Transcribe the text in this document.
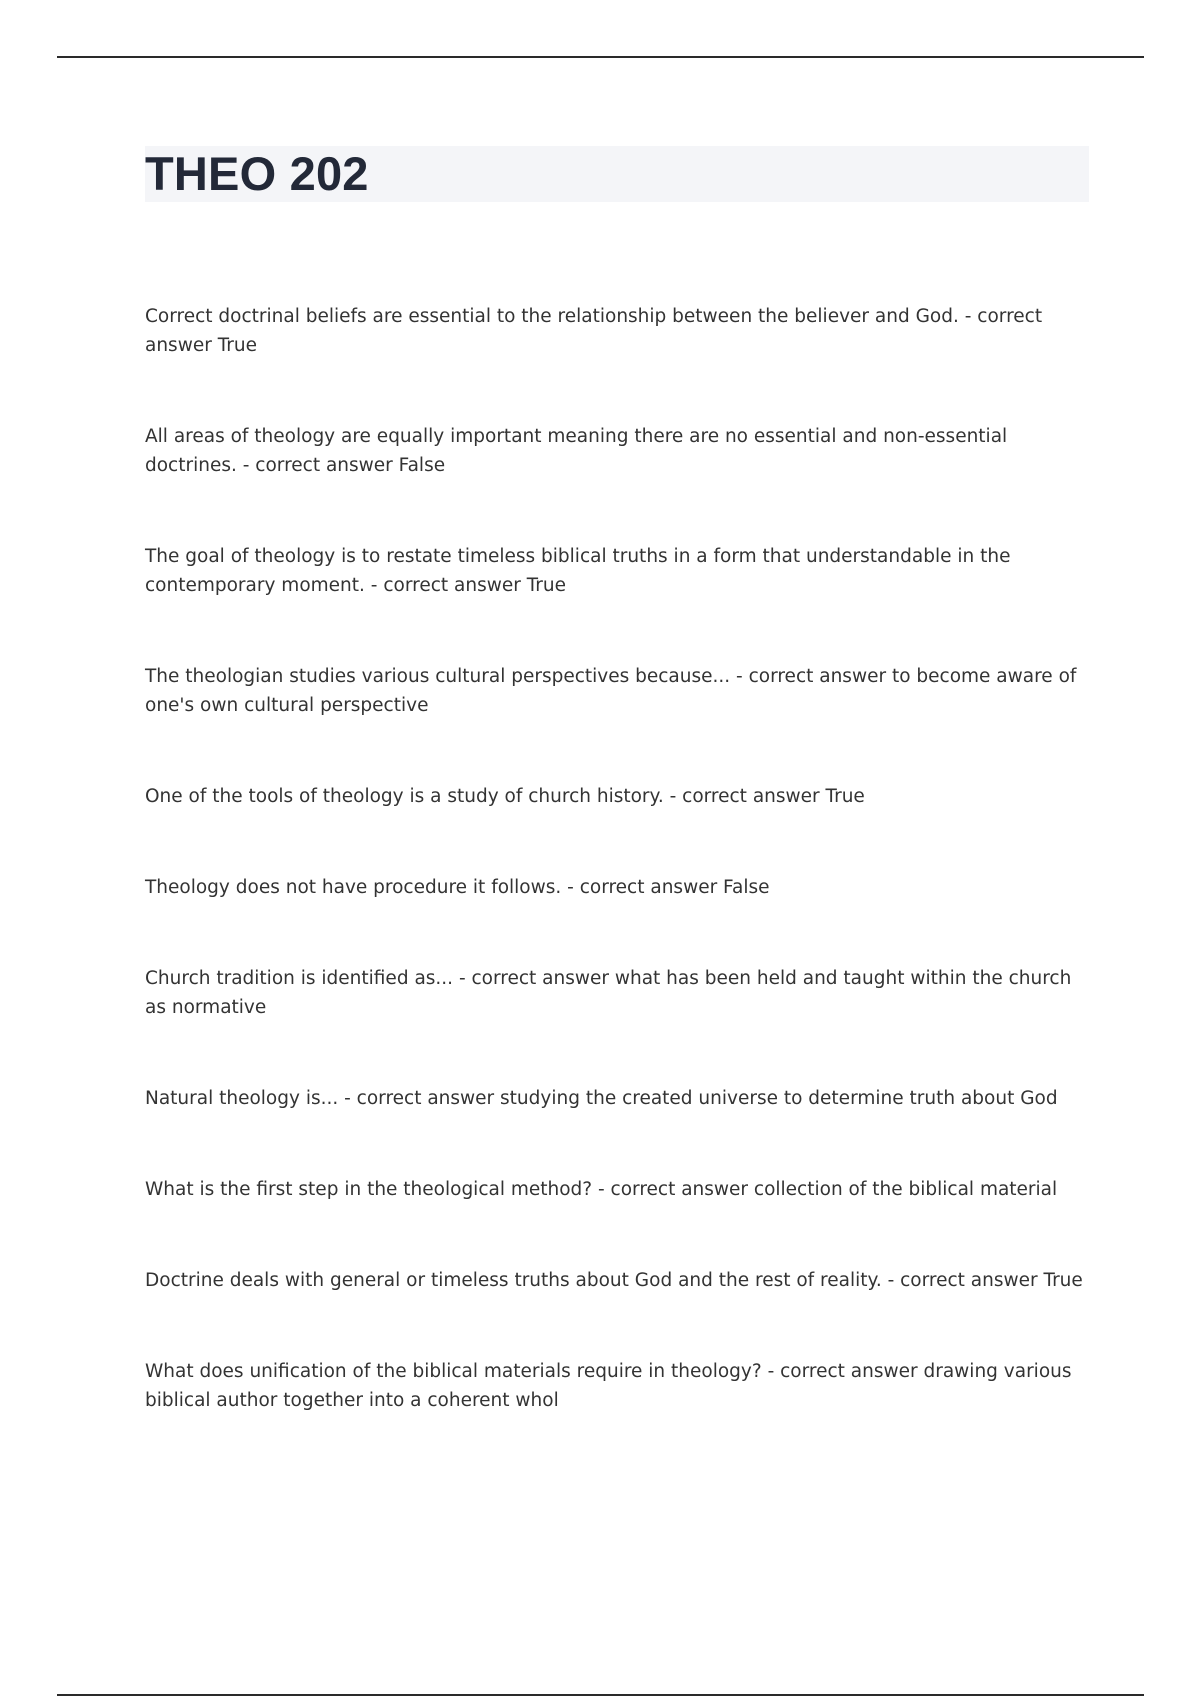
THEO 202
Correct doctrinal beliefs are essential to the relationship between the believer and God. - correct answer True
All areas of theology are equally important meaning there are no essential and non-essential doctrines. - correct answer False
The goal of theology is to restate timeless biblical truths in a form that understandable in the contemporary moment. - correct answer True
The theologian studies various cultural perspectives because... - correct answer to become aware of one's own cultural perspective
One of the tools of theology is a study of church history. - correct answer True
Theology does not have procedure it follows. - correct answer False
Church tradition is identified as... - correct answer what has been held and taught within the church as normative
Natural theology is... - correct answer studying the created universe to determine truth about God
What is the first step in the theological method? - correct answer collection of the biblical material
Doctrine deals with general or timeless truths about God and the rest of reality. - correct answer True
What does unification of the biblical materials require in theology? - correct answer drawing various biblical author together into a coherent whol
